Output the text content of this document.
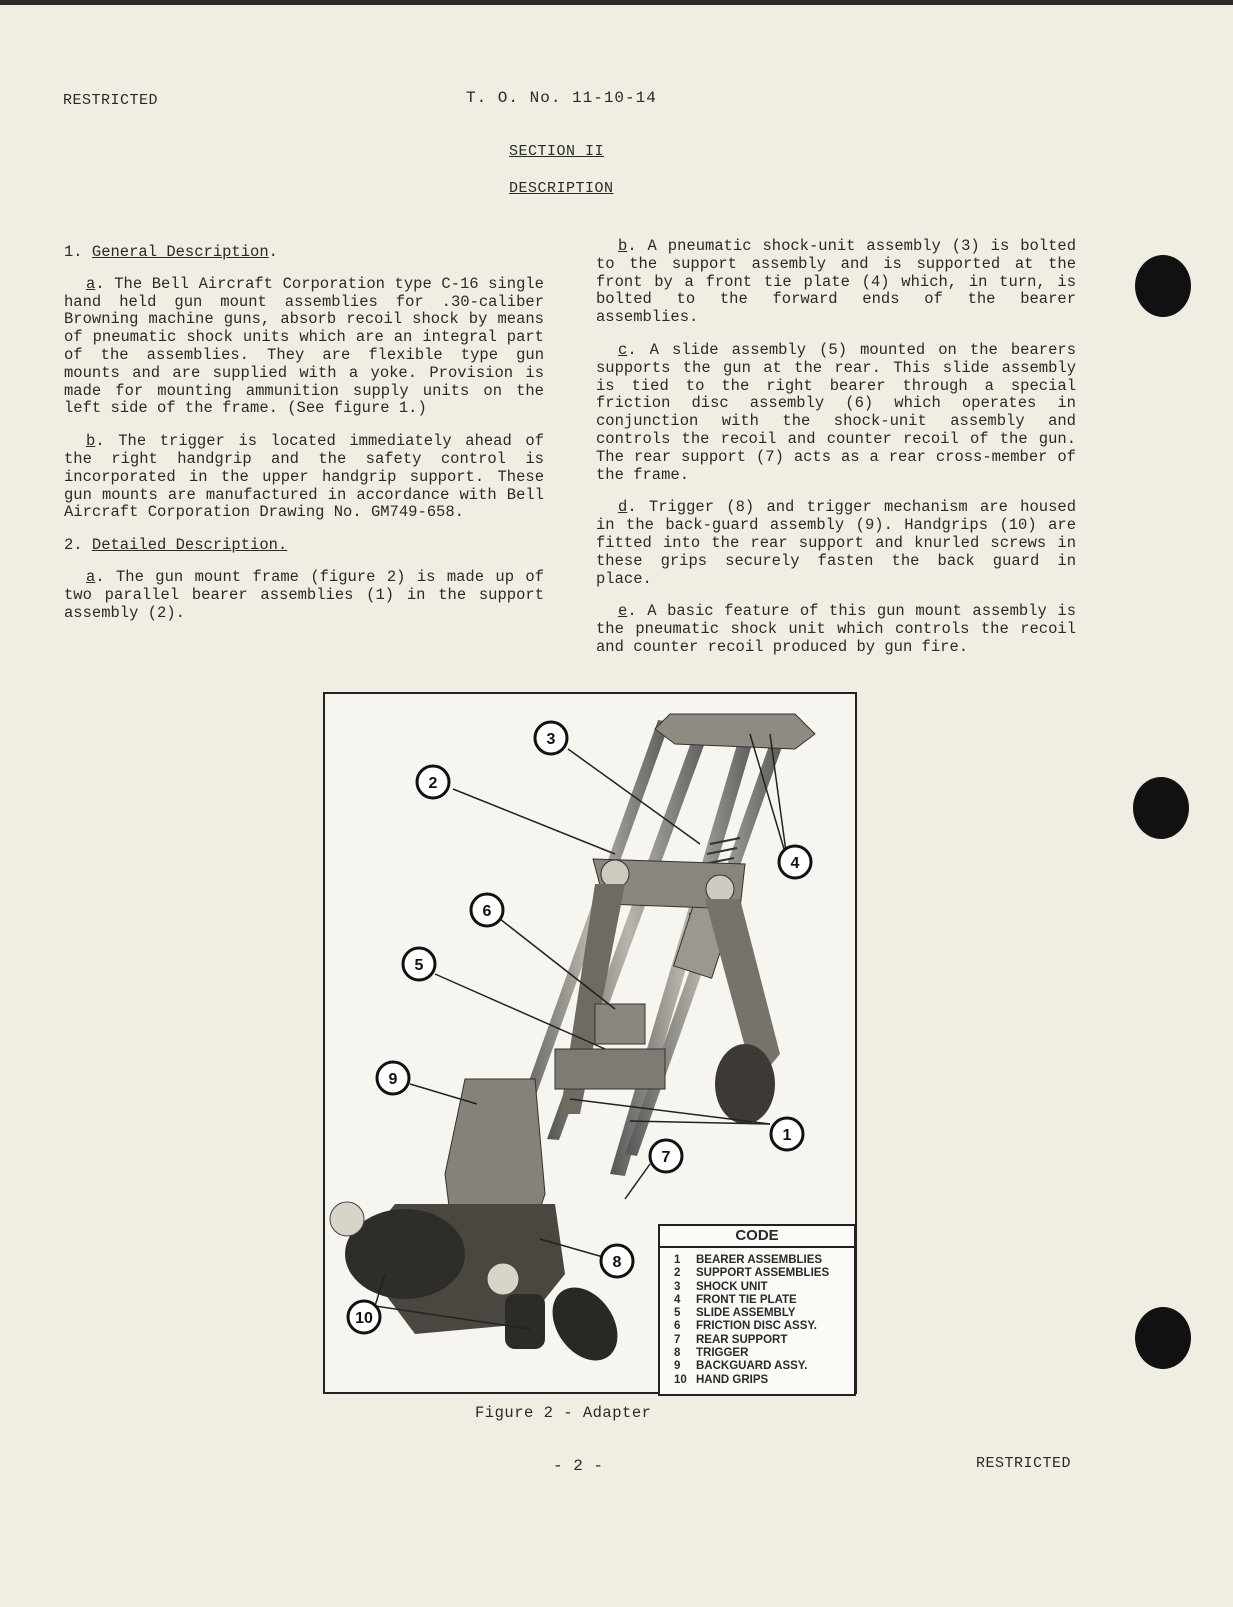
RESTRICTED	T. O. No. 11-10-14
SECTION II
DESCRIPTION

1. General Description.

a. The Bell Aircraft Corporation type C-16 single hand held gun mount assemblies for .30-caliber Browning machine guns, absorb recoil shock by means of pneumatic shock units which are an integral part of the assemblies. They are flexible type gun mounts and are supplied with a yoke. Provision is made for mounting ammunition supply units on the left side of the frame. (See figure 1.)

b. The trigger is located immediately ahead of the right handgrip and the safety control is incorporated in the upper handgrip support. These gun mounts are manufactured in accordance with Bell Aircraft Corporation Drawing No. GM749-658.

2. Detailed Description.

a. The gun mount frame (figure 2) is made up of two parallel bearer assemblies (1) in the support assembly (2).

b. A pneumatic shock-unit assembly (3) is bolted to the support assembly and is supported at the front by a front tie plate (4) which, in turn, is bolted to the forward ends of the bearer assemblies.

c. A slide assembly (5) mounted on the bearers supports the gun at the rear. This slide assembly is tied to the right bearer through a special friction disc assembly (6) which operates in conjunction with the shock-unit assembly and controls the recoil and counter recoil of the gun. The rear support (7) acts as a rear cross-member of the frame.

d. Trigger (8) and trigger mechanism are housed in the back-guard assembly (9). Handgrips (10) are fitted into the rear support and knurled screws in these grips securely fasten the back guard in place.

e. A basic feature of this gun mount assembly is the pneumatic shock unit which controls the recoil and counter recoil produced by gun fire.

3
2
4
6
5
9
1
7
8
10
CODE
1 BEARER ASSEMBLIES
2 SUPPORT ASSEMBLIES
3 SHOCK UNIT
4 FRONT TIE PLATE
5 SLIDE ASSEMBLY
6 FRICTION DISC ASSY.
7 REAR SUPPORT
8 TRIGGER
9 BACKGUARD ASSY.
10 HAND GRIPS
Figure 2 - Adapter
- 2 -	RESTRICTED
